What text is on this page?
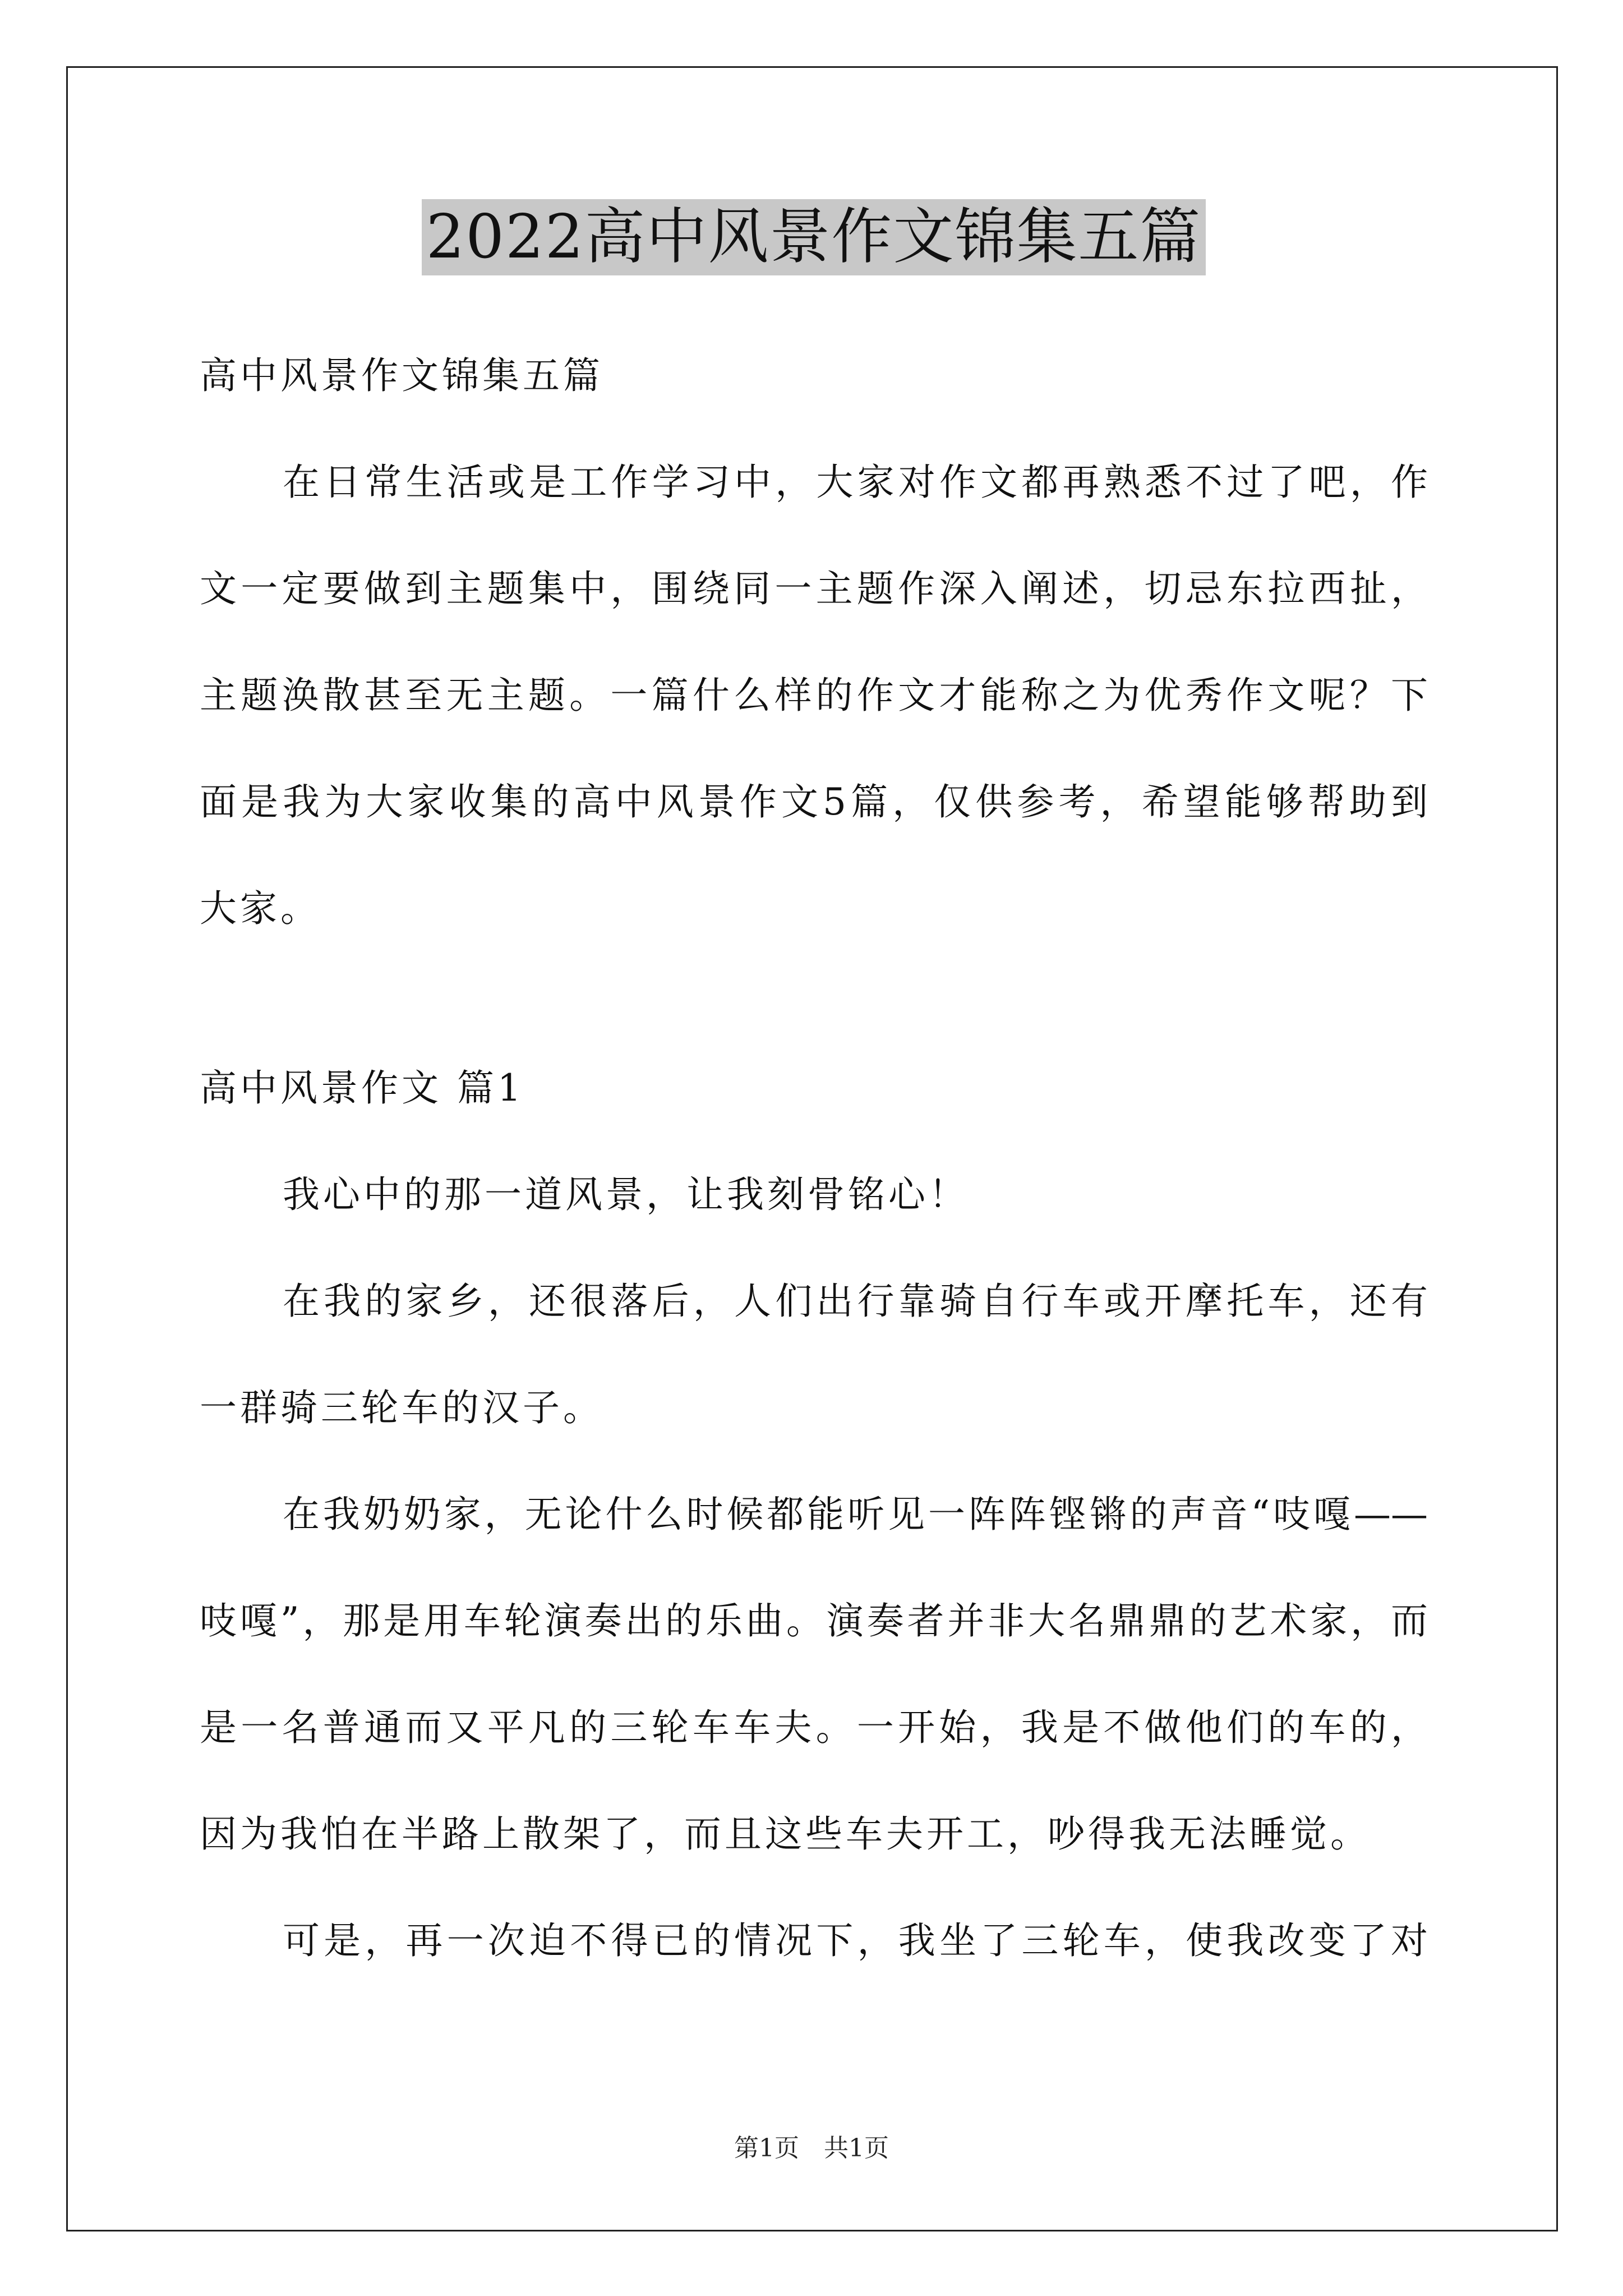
2022高中风景作文锦集五篇
高中风景作文锦集五篇
在日常生活或是工作学习中，大家对作文都再熟悉不过了吧，作
文一定要做到主题集中，围绕同一主题作深入阐述，切忌东拉西扯，
主题涣散甚至无主题。一篇什么样的作文才能称之为优秀作文呢？下
面是我为大家收集的高中风景作文5篇，仅供参考，希望能够帮助到
大家。
高中风景作文 篇1
我心中的那一道风景，让我刻骨铭心！
在我的家乡，还很落后，人们出行靠骑自行车或开摩托车，还有
一群骑三轮车的汉子。
在我奶奶家，无论什么时候都能听见一阵阵铿锵的声音“吱嘎——
吱嘎”，那是用车轮演奏出的乐曲。演奏者并非大名鼎鼎的艺术家，而
是一名普通而又平凡的三轮车车夫。一开始，我是不做他们的车的，
因为我怕在半路上散架了，而且这些车夫开工，吵得我无法睡觉。
可是，再一次迫不得已的情况下，我坐了三轮车，使我改变了对
第1页　共1页
